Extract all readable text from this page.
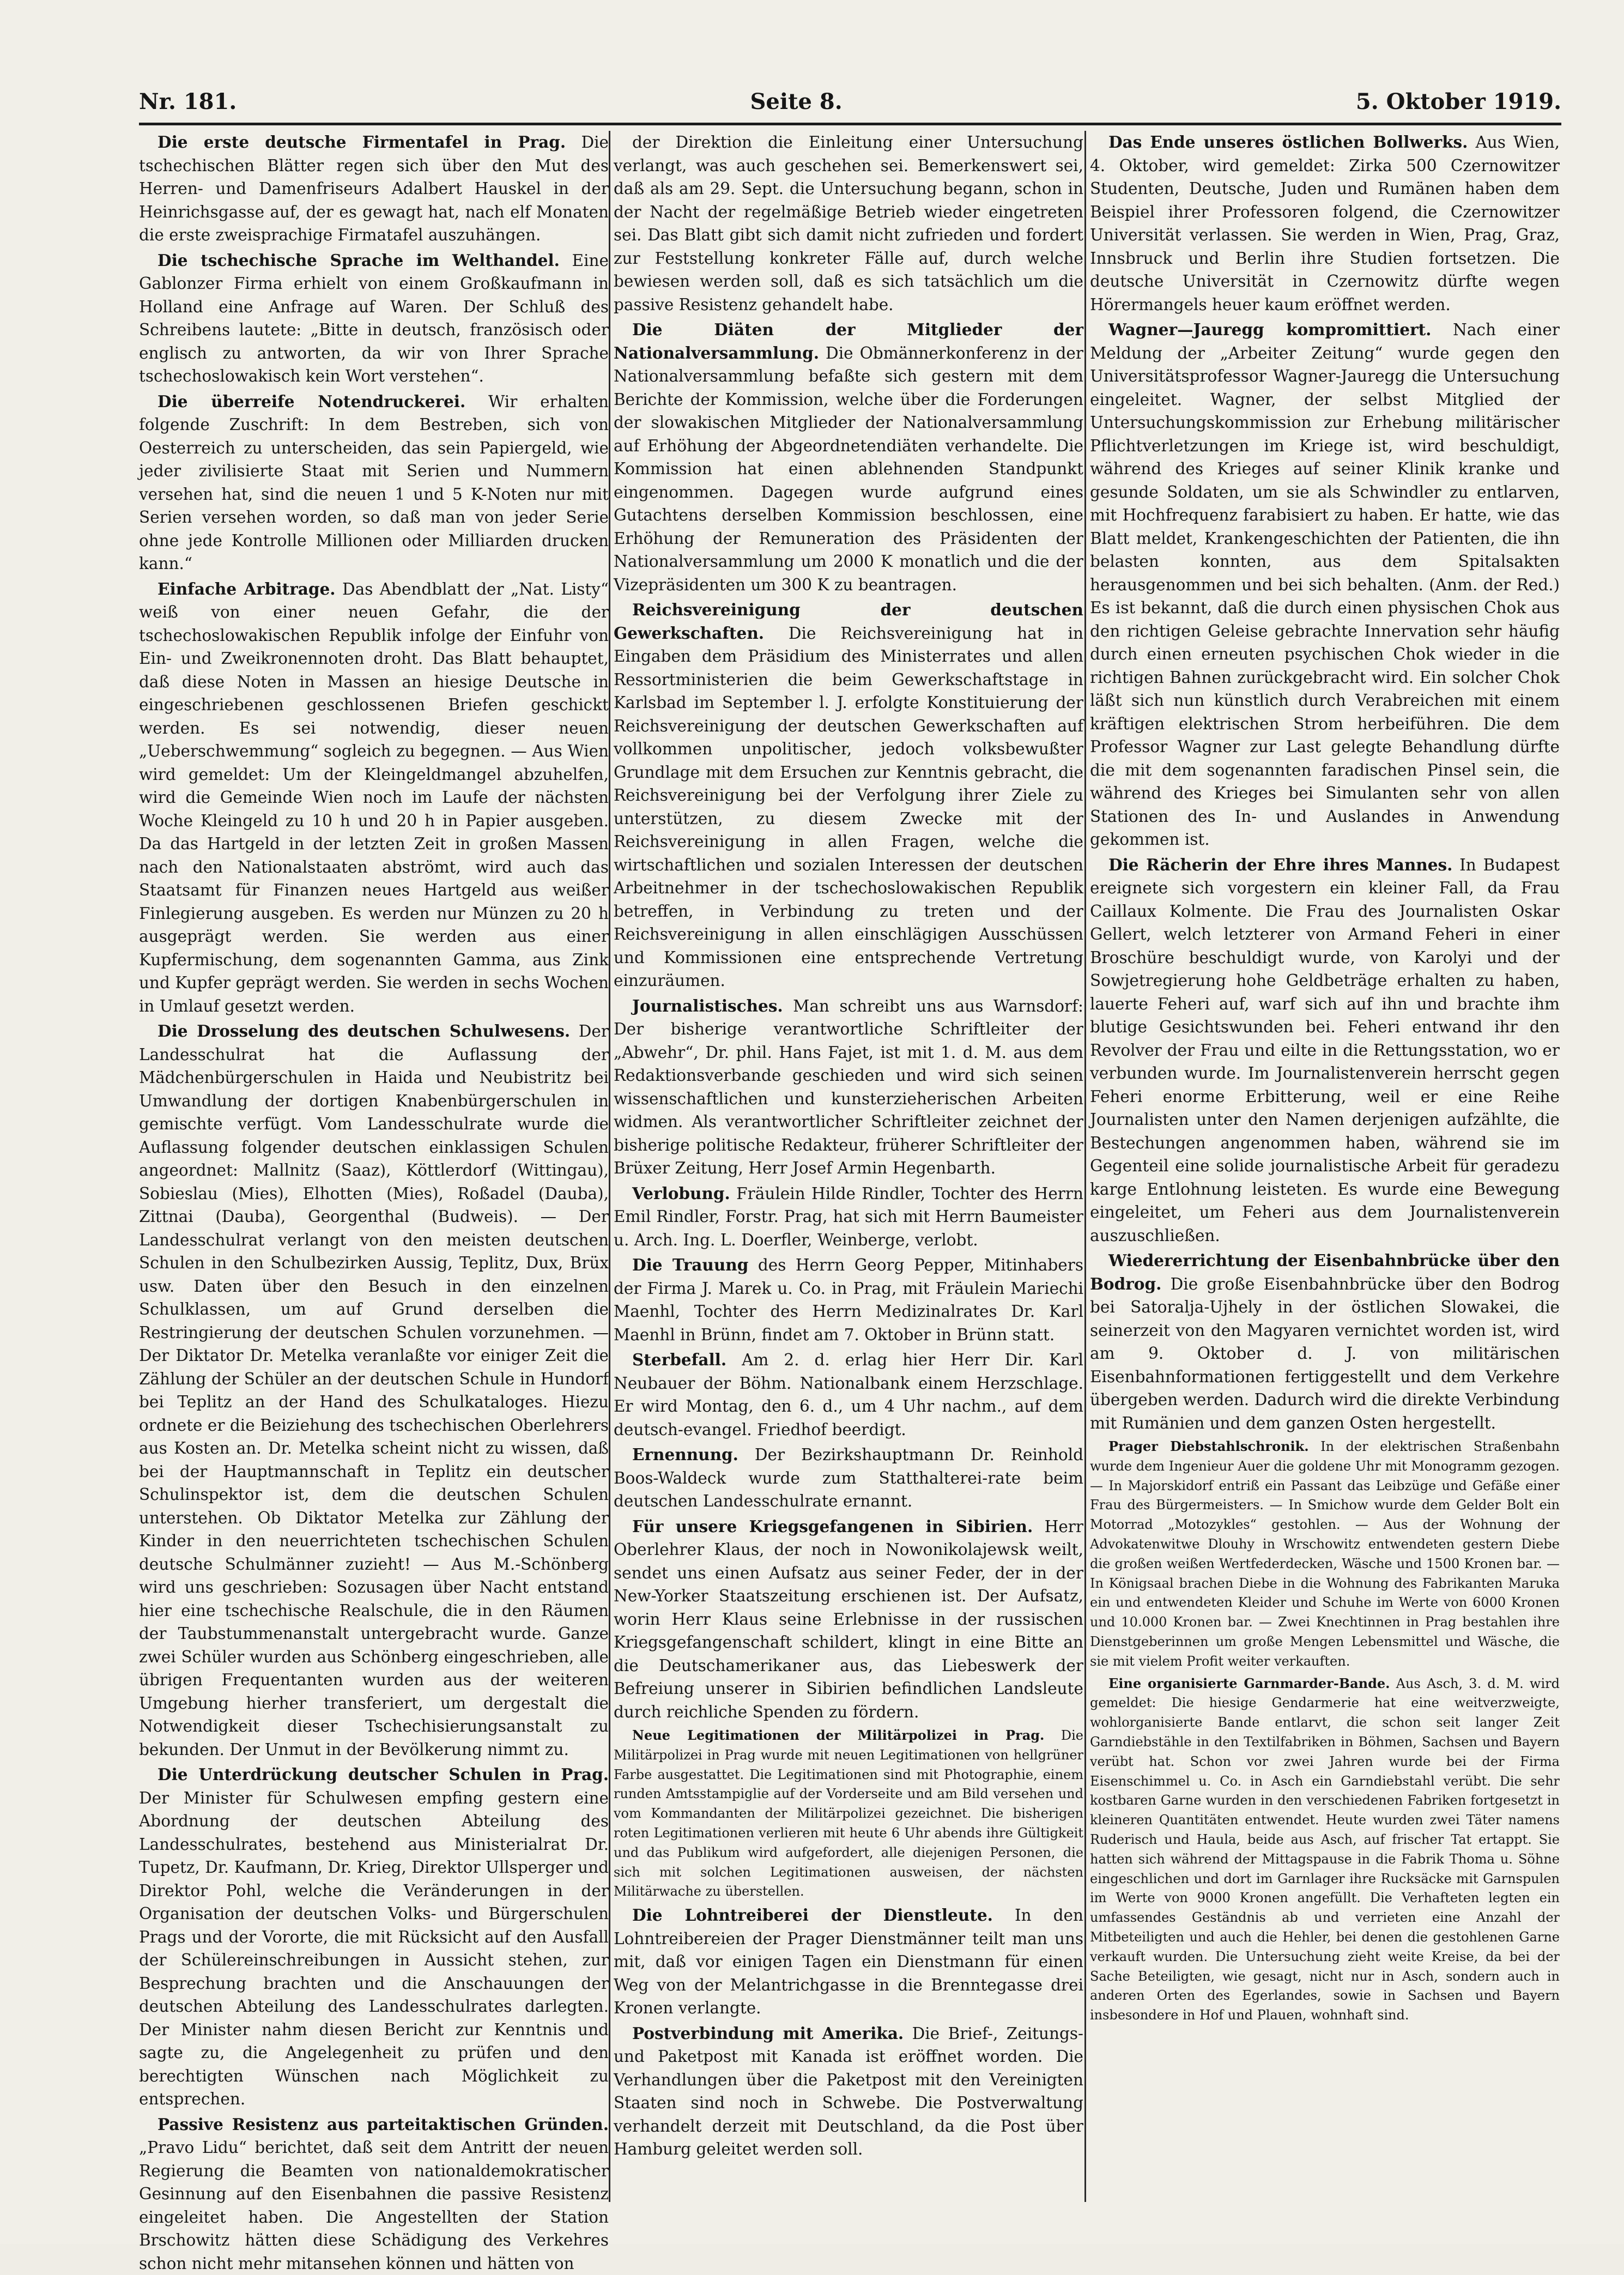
Nr. 181.	Seite 8.	5. Oktober 1919.

Die erste deutsche Firmentafel in Prag. Die tschechischen Blätter regen sich über den Mut des Herren- und Damenfriseurs Adalbert Hauskel in der Heinrichsgasse auf, der es gewagt hat, nach elf Monaten die erste zweisprachige Firmatafel auszuhängen.

Die tschechische Sprache im Welthandel. Eine Gablonzer Firma erhielt von einem Großkaufmann in Holland eine Anfrage auf Waren. Der Schluß des Schreibens lautete: „Bitte in deutsch, französisch oder englisch zu antworten, da wir von Ihrer Sprache tschechoslowakisch kein Wort verstehen“.

Die überreife Notendruckerei. Wir erhalten folgende Zuschrift: In dem Bestreben, sich von Oesterreich zu unterscheiden, das sein Papiergeld, wie jeder zivilisierte Staat mit Serien und Nummern versehen hat, sind die neuen 1 und 5 K-Noten nur mit Serien versehen worden, so daß man von jeder Serie ohne jede Kontrolle Millionen oder Milliarden drucken kann.“

Einfache Arbitrage. Das Abendblatt der „Nat. Listy“ weiß von einer neuen Gefahr, die der tschechoslowakischen Republik infolge der Einfuhr von Ein- und Zweikronennoten droht. Das Blatt behauptet, daß diese Noten in Massen an hiesige Deutsche in eingeschriebenen geschlossenen Briefen geschickt werden. Es sei notwendig, dieser neuen „Ueberschwemmung“ sogleich zu begegnen. — Aus Wien wird gemeldet: Um der Kleingeldmangel abzuhelfen, wird die Gemeinde Wien noch im Laufe der nächsten Woche Kleingeld zu 10 h und 20 h in Papier ausgeben. Da das Hartgeld in der letzten Zeit in großen Massen nach den Nationalstaaten abströmt, wird auch das Staatsamt für Finanzen neues Hartgeld aus weißer Finlegierung ausgeben. Es werden nur Münzen zu 20 h ausgeprägt werden. Sie werden aus einer Kupfermischung, dem sogenannten Gamma, aus Zink und Kupfer geprägt werden. Sie werden in sechs Wochen in Umlauf gesetzt werden.

Die Drosselung des deutschen Schulwesens. Der Landesschulrat hat die Auflassung der Mädchenbürgerschulen in Haida und Neubistritz bei Umwandlung der dortigen Knabenbürgerschulen in gemischte verfügt. Vom Landesschulrate wurde die Auflassung folgender deutschen einklassigen Schulen angeordnet: Mallnitz (Saaz), Köttlerdorf (Wittingau), Sobieslau (Mies), Elhotten (Mies), Roßadel (Dauba), Zittnai (Dauba), Georgenthal (Budweis). — Der Landesschulrat verlangt von den meisten deutschen Schulen in den Schulbezirken Aussig, Teplitz, Dux, Brüx usw. Daten über den Besuch in den einzelnen Schulklassen, um auf Grund derselben die Restringierung der deutschen Schulen vorzunehmen. — Der Diktator Dr. Metelka veranlaßte vor einiger Zeit die Zählung der Schüler an der deutschen Schule in Hundorf bei Teplitz an der Hand des Schulkataloges. Hiezu ordnete er die Beiziehung des tschechischen Oberlehrers aus Kosten an. Dr. Metelka scheint nicht zu wissen, daß bei der Hauptmannschaft in Teplitz ein deutscher Schulinspektor ist, dem die deutschen Schulen unterstehen. Ob Diktator Metelka zur Zählung der Kinder in den neuerrichteten tschechischen Schulen deutsche Schulmänner zuzieht! — Aus M.-Schönberg wird uns geschrieben: Sozusagen über Nacht entstand hier eine tschechische Realschule, die in den Räumen der Taubstummenanstalt untergebracht wurde. Ganze zwei Schüler wurden aus Schönberg eingeschrieben, alle übrigen Frequentanten wurden aus der weiteren Umgebung hierher transferiert, um dergestalt die Notwendigkeit dieser Tschechisierungsanstalt zu bekunden. Der Unmut in der Bevölkerung nimmt zu.

Die Unterdrückung deutscher Schulen in Prag. Der Minister für Schulwesen empfing gestern eine Abordnung der deutschen Abteilung des Landesschulrates, bestehend aus Ministerialrat Dr. Tupetz, Dr. Kaufmann, Dr. Krieg, Direktor Ullsperger und Direktor Pohl, welche die Veränderungen in der Organisation der deutschen Volks- und Bürgerschulen Prags und der Vororte, die mit Rücksicht auf den Ausfall der Schülereinschreibungen in Aussicht stehen, zur Besprechung brachten und die Anschauungen der deutschen Abteilung des Landesschulrates darlegten. Der Minister nahm diesen Bericht zur Kenntnis und sagte zu, die Angelegenheit zu prüfen und den berechtigten Wünschen nach Möglichkeit zu entsprechen.

Passive Resistenz aus parteitaktischen Gründen. „Pravo Lidu“ berichtet, daß seit dem Antritt der neuen Regierung die Beamten von nationaldemokratischer Gesinnung auf den Eisenbahnen die passive Resistenz eingeleitet haben. Die Angestellten der Station Brschowitz hätten diese Schädigung des Verkehres schon nicht mehr mitansehen können und hätten von

der Direktion die Einleitung einer Untersuchung verlangt, was auch geschehen sei. Bemerkenswert sei, daß als am 29. Sept. die Untersuchung begann, schon in der Nacht der regelmäßige Betrieb wieder eingetreten sei. Das Blatt gibt sich damit nicht zufrieden und fordert zur Feststellung konkreter Fälle auf, durch welche bewiesen werden soll, daß es sich tatsächlich um die passive Resistenz gehandelt habe.

Die Diäten der Mitglieder der Nationalversammlung. Die Obmännerkonferenz in der Nationalversammlung befaßte sich gestern mit dem Berichte der Kommission, welche über die Forderungen der slowakischen Mitglieder der Nationalversammlung auf Erhöhung der Abgeordnetendiäten verhandelte. Die Kommission hat einen ablehnenden Standpunkt eingenommen. Dagegen wurde aufgrund eines Gutachtens derselben Kommission beschlossen, eine Erhöhung der Remuneration des Präsidenten der Nationalversammlung um 2000 K monatlich und die der Vizepräsidenten um 300 K zu beantragen.

Reichsvereinigung der deutschen Gewerkschaften. Die Reichsvereinigung hat in Eingaben dem Präsidium des Ministerrates und allen Ressortministerien die beim Gewerkschaftstage in Karlsbad im September l. J. erfolgte Konstituierung der Reichsvereinigung der deutschen Gewerkschaften auf vollkommen unpolitischer, jedoch volksbewußter Grundlage mit dem Ersuchen zur Kenntnis gebracht, die Reichsvereinigung bei der Verfolgung ihrer Ziele zu unterstützen, zu diesem Zwecke mit der Reichsvereinigung in allen Fragen, welche die wirtschaftlichen und sozialen Interessen der deutschen Arbeitnehmer in der tschechoslowakischen Republik betreffen, in Verbindung zu treten und der Reichsvereinigung in allen einschlägigen Ausschüssen und Kommissionen eine entsprechende Vertretung einzuräumen.

Journalistisches. Man schreibt uns aus Warnsdorf: Der bisherige verantwortliche Schriftleiter der „Abwehr“, Dr. phil. Hans Fajet, ist mit 1. d. M. aus dem Redaktionsverbande geschieden und wird sich seinen wissenschaftlichen und kunsterzieherischen Arbeiten widmen. Als verantwortlicher Schriftleiter zeichnet der bisherige politische Redakteur, früherer Schriftleiter der Brüxer Zeitung, Herr Josef Armin Hegenbarth.

Verlobung. Fräulein Hilde Rindler, Tochter des Herrn Emil Rindler, Forstr. Prag, hat sich mit Herrn Baumeister u. Arch. Ing. L. Doerfler, Weinberge, verlobt.

Die Trauung des Herrn Georg Pepper, Mitinhabers der Firma J. Marek u. Co. in Prag, mit Fräulein Mariechi Maenhl, Tochter des Herrn Medizinalrates Dr. Karl Maenhl in Brünn, findet am 7. Oktober in Brünn statt.

Sterbefall. Am 2. d. erlag hier Herr Dir. Karl Neubauer der Böhm. Nationalbank einem Herzschlage. Er wird Montag, den 6. d., um 4 Uhr nachm., auf dem deutsch-evangel. Friedhof beerdigt.

Ernennung. Der Bezirkshauptmann Dr. Reinhold Boos-Waldeck wurde zum Statthalterei-rate beim deutschen Landesschulrate ernannt.

Für unsere Kriegsgefangenen in Sibirien. Herr Oberlehrer Klaus, der noch in Nowonikolajewsk weilt, sendet uns einen Aufsatz aus seiner Feder, der in der New-Yorker Staatszeitung erschienen ist. Der Aufsatz, worin Herr Klaus seine Erlebnisse in der russischen Kriegsgefangenschaft schildert, klingt in eine Bitte an die Deutschamerikaner aus, das Liebeswerk der Befreiung unserer in Sibirien befindlichen Landsleute durch reichliche Spenden zu fördern.

Neue Legitimationen der Militärpolizei in Prag. Die Militärpolizei in Prag wurde mit neuen Legitimationen von hellgrüner Farbe ausgestattet. Die Legitimationen sind mit Photographie, einem runden Amtsstampiglie auf der Vorderseite und am Bild versehen und vom Kommandanten der Militärpolizei gezeichnet. Die bisherigen roten Legitimationen verlieren mit heute 6 Uhr abends ihre Gültigkeit und das Publikum wird aufgefordert, alle diejenigen Personen, die sich mit solchen Legitimationen ausweisen, der nächsten Militärwache zu überstellen.

Die Lohntreiberei der Dienstleute. In den Lohntreibereien der Prager Dienstmänner teilt man uns mit, daß vor einigen Tagen ein Dienstmann für einen Weg von der Melantrichgasse in die Brenntegasse drei Kronen verlangte.

Postverbindung mit Amerika. Die Brief-, Zeitungs- und Paketpost mit Kanada ist eröffnet worden. Die Verhandlungen über die Paketpost mit den Vereinigten Staaten sind noch in Schwebe. Die Postverwaltung verhandelt derzeit mit Deutschland, da die Post über Hamburg geleitet werden soll.

Das Ende unseres östlichen Bollwerks. Aus Wien, 4. Oktober, wird gemeldet: Zirka 500 Czernowitzer Studenten, Deutsche, Juden und Rumänen haben dem Beispiel ihrer Professoren folgend, die Czernowitzer Universität verlassen. Sie werden in Wien, Prag, Graz, Innsbruck und Berlin ihre Studien fortsetzen. Die deutsche Universität in Czernowitz dürfte wegen Hörermangels heuer kaum eröffnet werden.

Wagner—Jauregg kompromittiert. Nach einer Meldung der „Arbeiter Zeitung“ wurde gegen den Universitätsprofessor Wagner-Jauregg die Untersuchung eingeleitet. Wagner, der selbst Mitglied der Untersuchungskommission zur Erhebung militärischer Pflichtverletzungen im Kriege ist, wird beschuldigt, während des Krieges auf seiner Klinik kranke und gesunde Soldaten, um sie als Schwindler zu entlarven, mit Hochfrequenz farabisiert zu haben. Er hatte, wie das Blatt meldet, Krankengeschichten der Patienten, die ihn belasten konnten, aus dem Spitalsakten herausgenommen und bei sich behalten. (Anm. der Red.) Es ist bekannt, daß die durch einen physischen Chok aus den richtigen Geleise gebrachte Innervation sehr häufig durch einen erneuten psychischen Chok wieder in die richtigen Bahnen zurückgebracht wird. Ein solcher Chok läßt sich nun künstlich durch Verabreichen mit einem kräftigen elektrischen Strom herbeiführen. Die dem Professor Wagner zur Last gelegte Behandlung dürfte die mit dem sogenannten faradischen Pinsel sein, die während des Krieges bei Simulanten sehr von allen Stationen des In- und Auslandes in Anwendung gekommen ist.

Die Rächerin der Ehre ihres Mannes. In Budapest ereignete sich vorgestern ein kleiner Fall, da Frau Caillaux Kolmente. Die Frau des Journalisten Oskar Gellert, welch letzterer von Armand Feheri in einer Broschüre beschuldigt wurde, von Karolyi und der Sowjetregierung hohe Geldbeträge erhalten zu haben, lauerte Feheri auf, warf sich auf ihn und brachte ihm blutige Gesichtswunden bei. Feheri entwand ihr den Revolver der Frau und eilte in die Rettungsstation, wo er verbunden wurde. Im Journalistenverein herrscht gegen Feheri enorme Erbitterung, weil er eine Reihe Journalisten unter den Namen derjenigen aufzählte, die Bestechungen angenommen haben, während sie im Gegenteil eine solide journalistische Arbeit für geradezu karge Entlohnung leisteten. Es wurde eine Bewegung eingeleitet, um Feheri aus dem Journalistenverein auszuschließen.

Wiedererrichtung der Eisenbahnbrücke über den Bodrog. Die große Eisenbahnbrücke über den Bodrog bei Satoralja-Ujhely in der östlichen Slowakei, die seinerzeit von den Magyaren vernichtet worden ist, wird am 9. Oktober d. J. von militärischen Eisenbahnformationen fertiggestellt und dem Verkehre übergeben werden. Dadurch wird die direkte Verbindung mit Rumänien und dem ganzen Osten hergestellt.

Prager Diebstahlschronik. In der elektrischen Straßenbahn wurde dem Ingenieur Auer die goldene Uhr mit Monogramm gezogen. — In Majorskidorf entriß ein Passant das Leibzüge und Gefäße einer Frau des Bürgermeisters. — In Smichow wurde dem Gelder Bolt ein Motorrad „Motozykles“ gestohlen. — Aus der Wohnung der Advokatenwitwe Dlouhy in Wrschowitz entwendeten gestern Diebe die großen weißen Wertfederdecken, Wäsche und 1500 Kronen bar. — In Königsaal brachen Diebe in die Wohnung des Fabrikanten Maruka ein und entwendeten Kleider und Schuhe im Werte von 6000 Kronen und 10.000 Kronen bar. — Zwei Knechtinnen in Prag bestahlen ihre Dienstgeberinnen um große Mengen Lebensmittel und Wäsche, die sie mit vielem Profit weiter verkauften.

Eine organisierte Garnmarder-Bande. Aus Asch, 3. d. M. wird gemeldet: Die hiesige Gendarmerie hat eine weitverzweigte, wohlorganisierte Bande entlarvt, die schon seit langer Zeit Garndiebstähle in den Textilfabriken in Böhmen, Sachsen und Bayern verübt hat. Schon vor zwei Jahren wurde bei der Firma Eisenschimmel u. Co. in Asch ein Garndiebstahl verübt. Die sehr kostbaren Garne wurden in den verschiedenen Fabriken fortgesetzt in kleineren Quantitäten entwendet. Heute wurden zwei Täter namens Ruderisch und Haula, beide aus Asch, auf frischer Tat ertappt. Sie hatten sich während der Mittagspause in die Fabrik Thoma u. Söhne eingeschlichen und dort im Garnlager ihre Rucksäcke mit Garnspulen im Werte von 9000 Kronen angefüllt. Die Verhafteten legten ein umfassendes Geständnis ab und verrieten eine Anzahl der Mitbeteiligten und auch die Hehler, bei denen die gestohlenen Garne verkauft wurden. Die Untersuchung zieht weite Kreise, da bei der Sache Beteiligten, wie gesagt, nicht nur in Asch, sondern auch in anderen Orten des Egerlandes, sowie in Sachsen und Bayern insbesondere in Hof und Plauen, wohnhaft sind.
